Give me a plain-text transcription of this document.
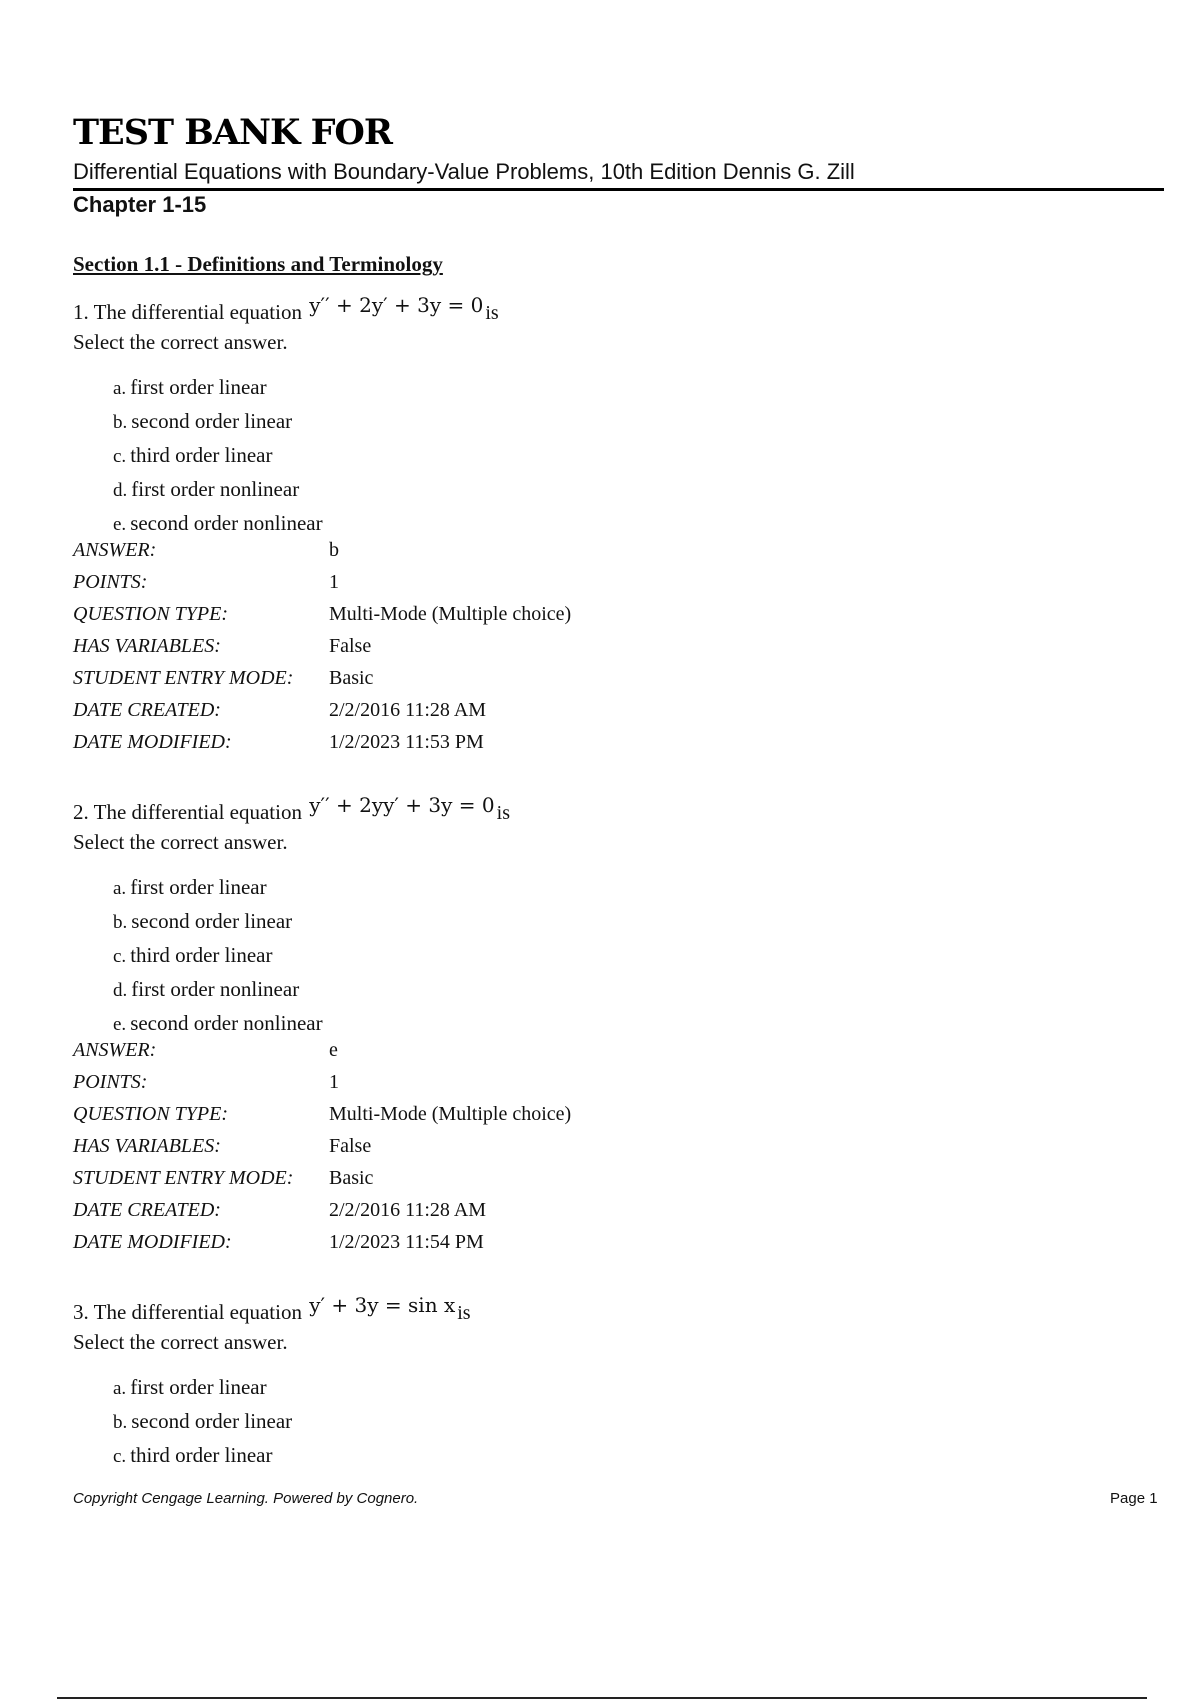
TEST BANK FOR
Differential Equations with Boundary-Value Problems, 10th Edition Dennis G. Zill
Chapter 1-15
Section 1.1 - Definitions and Terminology
1. The differential equation y′′ + 2y′ + 3y = 0 is
Select the correct answer.
a. first order linear
b. second order linear
c. third order linear
d. first order nonlinear
e. second order nonlinear
ANSWER:	b
POINTS:	1
QUESTION TYPE:	Multi-Mode (Multiple choice)
HAS VARIABLES:	False
STUDENT ENTRY MODE: Basic
DATE CREATED:	2/2/2016 11:28 AM
DATE MODIFIED:	1/2/2023 11:53 PM
2. The differential equation y′′ + 2yy′ + 3y = 0 is
Select the correct answer.
a. first order linear
b. second order linear
c. third order linear
d. first order nonlinear
e. second order nonlinear
ANSWER:	e
POINTS:	1
QUESTION TYPE:	Multi-Mode (Multiple choice)
HAS VARIABLES:	False
STUDENT ENTRY MODE: Basic
DATE CREATED:	2/2/2016 11:28 AM
DATE MODIFIED:	1/2/2023 11:54 PM
3. The differential equation y′ + 3y = sin x is
Select the correct answer.
a. first order linear
b. second order linear
c. third order linear
Copyright Cengage Learning. Powered by Cognero.	Page 1
